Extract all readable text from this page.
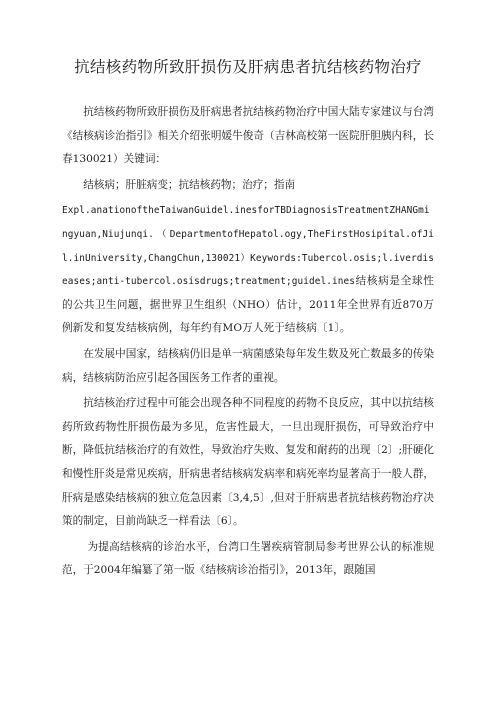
抗结核药物所致肝损伤及肝病患者抗结核药物治疗

抗结核药物所致肝损伤及肝病患者抗结核药物治疗中国大陆专家建议与台湾《结核病诊治指引》相关介绍张明媛牛俊奇（吉林高校第一医院肝胆胰内科，长春130021）关键词：

结核病；肝脏病变；抗结核药物；治疗；指南

Expl.anationoftheTaiwanGuidel.inesforTBDiagnosisTreatmentZHANGmingyuan,Niujunqi.（DepartmentofHepatol.ogy,TheFirstHosipital.ofJil.inUniversity,ChangChun,130021）Keywords:Tubercol.osis;l.iverdiseases;anti-tubercol.osisdrugs;treatment;guidel.ines结核病是全球性的公共卫生问题，据世界卫生组织（NHO）估计，2011年全世界有近870万例新发和复发结核病例，每年约有MO万人死于结核病〔1〕。

在发展中国家，结核病仍旧是单一病菌感染每年发生数及死亡数最多的传染病，结核病防治应引起各国医务工作者的重视。

抗结核治疗过程中可能会出现各种不同程度的药物不良反应，其中以抗结核药所致药物性肝损伤最为多见，危害性最大，一旦出现肝损伤，可导致治疗中断，降低抗结核治疗的有效性，导致治疗失败、复发和耐药的出现〔2〕;肝硬化和慢性肝炎是常见疾病，肝病患者结核病发病率和病死率均显著高于一般人群，肝病是感染结核病的独立危急因素〔3,4,5〕,但对于肝病患者抗结核药物治疗决策的制定，目前尚缺乏一样看法〔6〕。

为提高结核病的诊治水平，台湾口生署疾病管制局参考世界公认的标准规范，于2004年编纂了第一版《结核病诊治指引》，2013年，跟随国
